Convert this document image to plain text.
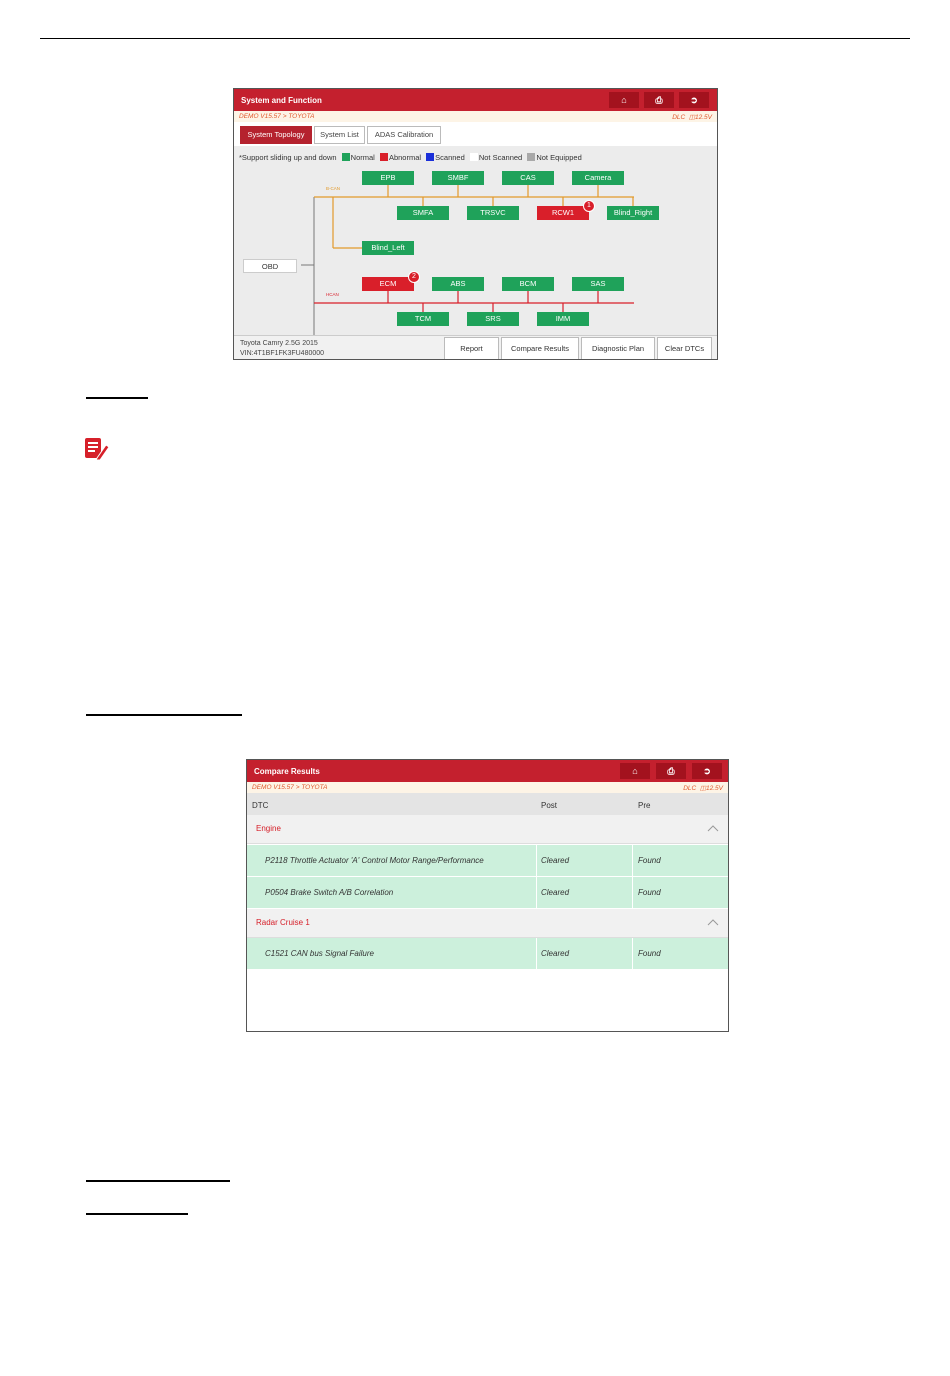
System and Function	⌂	⎙	➲
DEMO V15.57 > TOYOTA	DLC ◫12.5V
System Topology	System List	ADAS Calibration
*Support sliding up and down Normal Abnormal Scanned Not Scanned Not Equipped
B-CAN
HCAN
OBD
EPB	SMBF	CAS	Camera
SMFA	TRSVC	RCW1	Blind_Right
1
Blind_Left
ECM	ABS	BCM	SAS
2
TCM	SRS	IMM
Toyota Camry 2.5G 2015
VIN:4T1BF1FK3FU480000
Report	Compare Results	Diagnostic Plan	Clear DTCs
Compare Results	⌂	⎙	➲
DEMO V15.57 > TOYOTA	DLC ◫12.5V
DTC	Post	Pre
Engine
P2118 Throttle Actuator 'A' Control Motor Range/Performance	Cleared	Found
P0504 Brake Switch A/B Correlation	Cleared	Found
Radar Cruise 1
C1521 CAN bus Signal Failure	Cleared	Found
